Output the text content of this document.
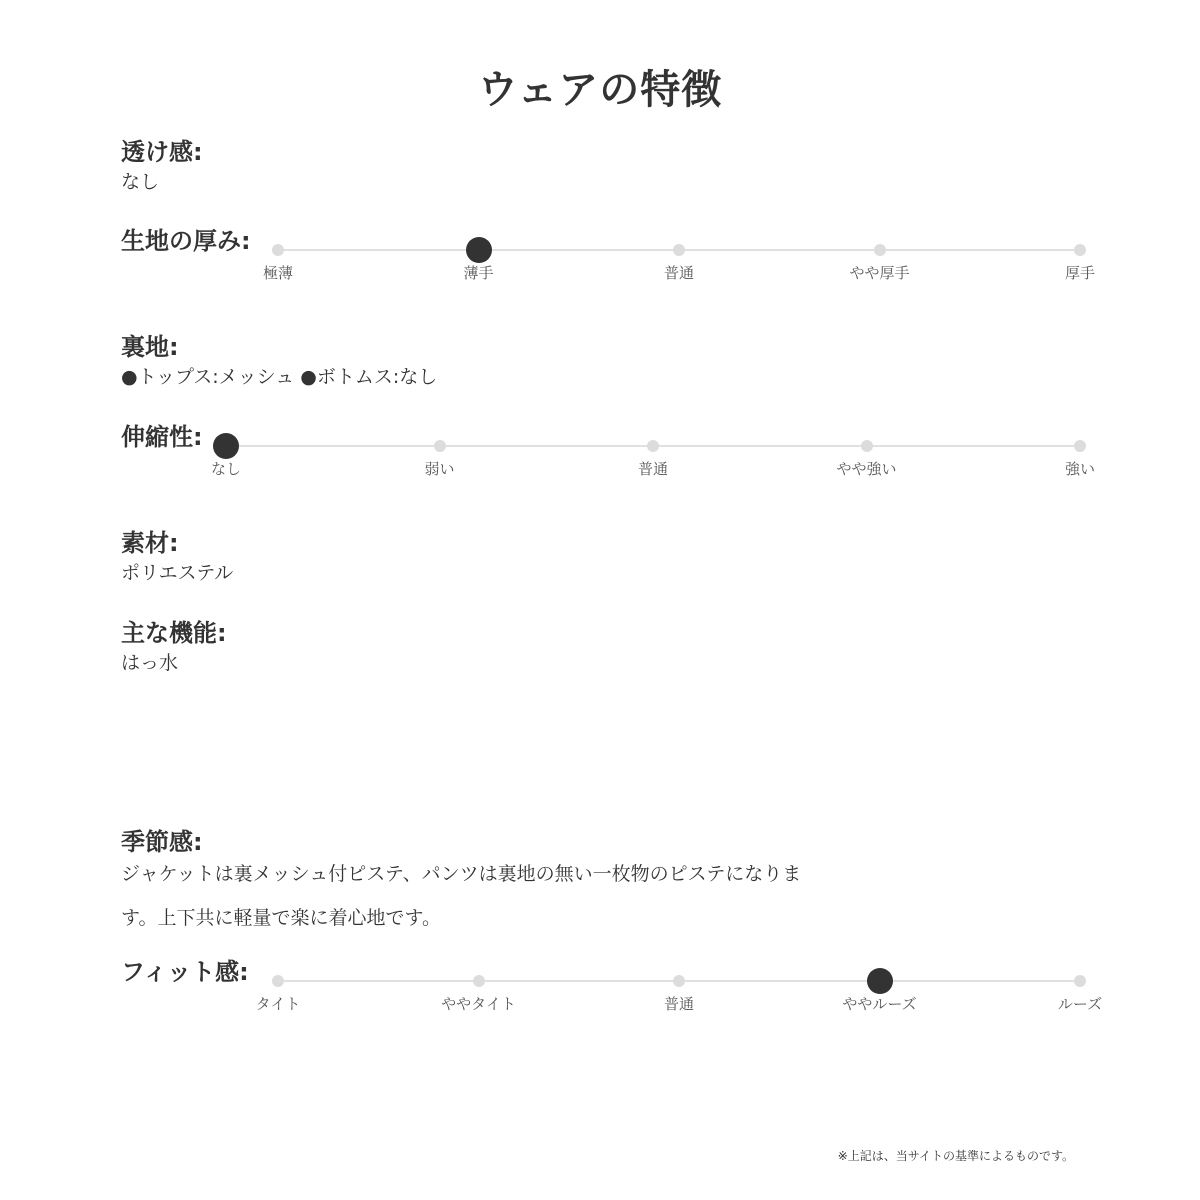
ウェアの特徴
透け感:
なし
生地の厚み:
極薄	薄手	普通	やや厚手	厚手
裏地:
●トップス:メッシュ ●ボトムス:なし
伸縮性:
なし	弱い	普通	やや強い	強い
素材:
ポリエステル
主な機能:
はっ水
季節感:
ジャケットは裏メッシュ付ピステ、パンツは裏地の無い一枚物のピステになりま
す。上下共に軽量で楽に着心地です。
フィット感:
タイト	ややタイト	普通	ややルーズ	ルーズ
※上記は、当サイトの基準によるものです。
